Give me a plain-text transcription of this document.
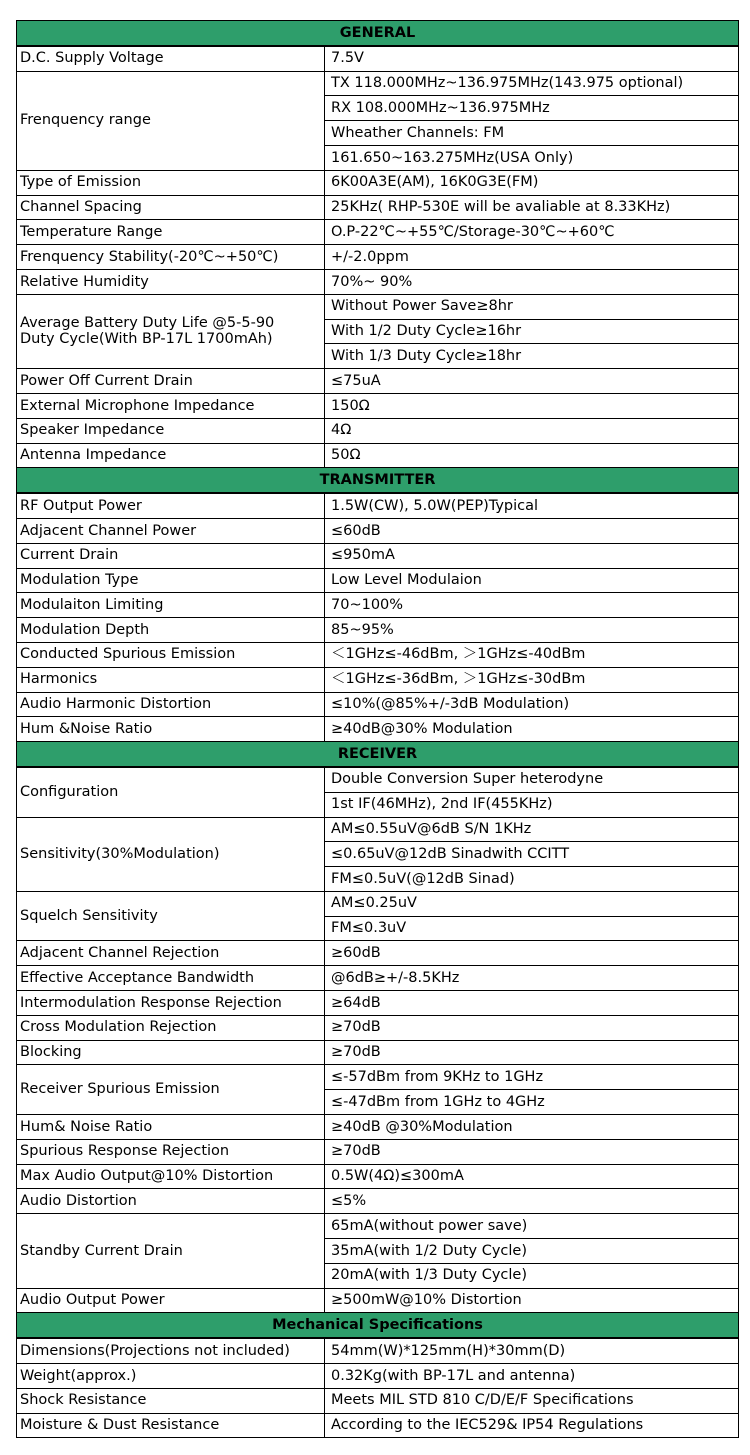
GENERAL	
D.C. Supply Voltage	7.5V
Frenquency range	TX 118.000MHz~136.975MHz(143.975 optional)
	RX 108.000MHz~136.975MHz
	Wheather Channels: FM
	161.650~163.275MHz(USA Only)
Type of Emission	6K00A3E(AM), 16K0G3E(FM)
Channel Spacing	25KHz( RHP-530E will be avaliable at 8.33KHz)
Temperature Range	O.P-22℃~+55℃/Storage-30℃~+60℃
Frenquency Stability(-20℃~+50℃)	+/-2.0ppm
Relative Humidity	70%~ 90%

Average Battery Duty Life @5-5-90
Duty Cycle(With BP-17L 1700mAh)	Without Power Save≥8hr
	With 1/2 Duty Cycle≥16hr
	With 1/3 Duty Cycle≥18hr
Power Off Current Drain	≤75uA
External Microphone Impedance	150Ω
Speaker Impedance	4Ω
Antenna Impedance	50Ω
TRANSMITTER	
RF Output Power	1.5W(CW), 5.0W(PEP)Typical
Adjacent Channel Power	≤60dB
Current Drain	≤950mA
Modulation Type	Low Level Modulaion
Modulaiton Limiting	70~100%
Modulation Depth	85~95%
Conducted Spurious Emission	＜1GHz≤-46dBm, ＞1GHz≤-40dBm
Harmonics	＜1GHz≤-36dBm, ＞1GHz≤-30dBm
Audio Harmonic Distortion	≤10%(@85%+/-3dB Modulation)
Hum &Noise Ratio	≥40dB@30% Modulation
RECEIVER	
Configuration	Double Conversion Super heterodyne
	1st IF(46MHz), 2nd IF(455KHz)
Sensitivity(30%Modulation)	AM≤0.55uV@6dB S/N 1KHz
	≤0.65uV@12dB Sinadwith CCITT
	FM≤0.5uV(@12dB Sinad)
Squelch Sensitivity	AM≤0.25uV
	FM≤0.3uV
Adjacent Channel Rejection	≥60dB
Effective Acceptance Bandwidth	@6dB≥+/-8.5KHz
Intermodulation Response Rejection	≥64dB
Cross Modulation Rejection	≥70dB
Blocking	≥70dB
Receiver Spurious Emission	≤-57dBm from 9KHz to 1GHz
	≤-47dBm from 1GHz to 4GHz
Hum& Noise Ratio	≥40dB @30%Modulation
Spurious Response Rejection	≥70dB
Max Audio Output@10% Distortion	0.5W(4Ω)≤300mA
Audio Distortion	≤5%
Standby Current Drain	65mA(without power save)
	35mA(with 1/2 Duty Cycle)
	20mA(with 1/3 Duty Cycle)
Audio Output Power	≥500mW@10% Distortion
Mechanical Specifications	
Dimensions(Projections not included)	54mm(W)*125mm(H)*30mm(D)
Weight(approx.)	0.32Kg(with BP-17L and antenna)
Shock Resistance	Meets MIL STD 810 C/D/E/F Specifications
Moisture & Dust Resistance	According to the IEC529& IP54 Regulations
